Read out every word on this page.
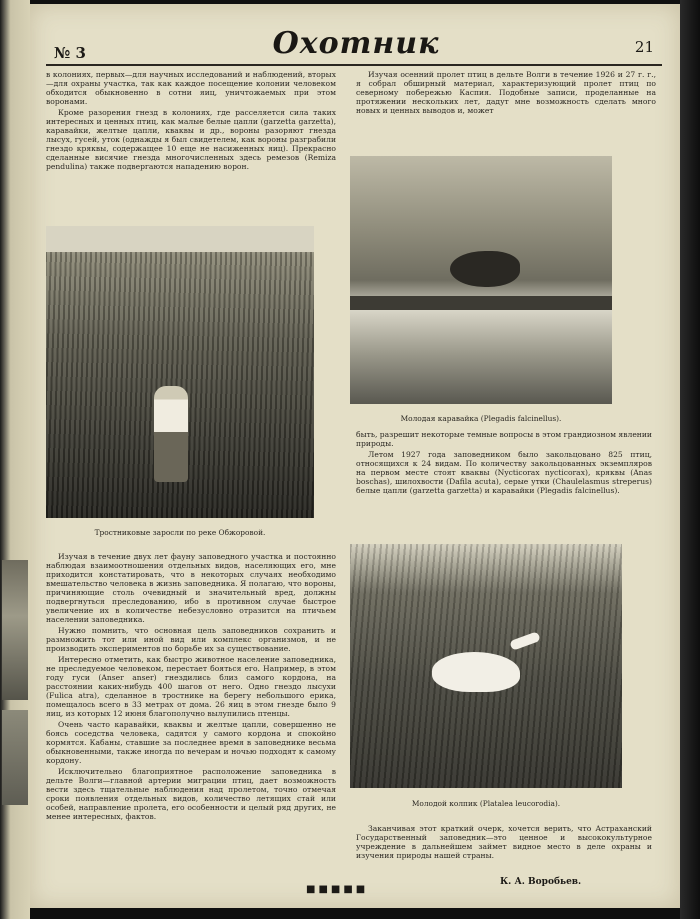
№ 3	Охотник	21

в колониях, первых—для научных исследований и наблюдений, вторых—для охраны участка, так как каждое посещение колонии человеком обходится обыкновенно в сотни яиц, уничтожаемых при этом воронами.

Кроме разорения гнезд в колониях, где расселяется сила таких интересных и ценных птиц, как малые белые цапли (garzetta garzetta), каравайки, желтые цапли, кваквы и др., вороны разоряют гнезда лысух, гусей, уток (однажды я был свидетелем, как вороны разграбили гнездо кряквы, содержащее 10 еще не насиженных яиц). Прекрасно сделанные висячие гнезда многочисленных здесь ремезов (Remiza pendulina) также подвергаются нападению ворон.

Изучая осенний пролет птиц в дельте Волги в течение 1926 и 27 г. г., я собрал обширный материал, характеризующий пролет птиц по северному побережью Каспия. Подобные записи, проделанные на протяжении нескольких лет, дадут мне возможность сделать много новых и ценных выводов и, может

Тростниковые заросли по реке Обжоровой.
Молодая каравайка (Plegadis falcinellus).

быть, разрешит некоторые темные вопросы в этом грандиозном явлении природы.

Летом 1927 года заповедником было закольцовано 825 птиц, относящихся к 24 видам. По количеству закольцованных экземпляров на первом месте стоят кваквы (Nycticorax nycticorax), кряквы (Anas boschas), шилохвости (Dafila acuta), серые утки (Chaulelasmus streperus) белые цапли (garzetta garzetta) и каравайки (Plegadis falcinellus).

Изучая в течение двух лет фауну заповедного участка и постоянно наблюдая взаимоотношения отдельных видов, населяющих его, мне приходится констатировать, что в некоторых случаях необходимо вмешательство человека в жизнь заповедника. Я полагаю, что вороны, причиняющие столь очевидный и значительный вред, должны подвергнуться преследованию, ибо в противном случае быстрое увеличение их в количестве небезусловно отразится на птичьем населении заповедника.

Нужно помнить, что основная цель заповедников сохранить и размножить тот или иной вид или комплекс организмов, и не производить экспериментов по борьбе их за существование.

Интересно отметить, как быстро животное население заповедника, не преследуемое человеком, перестает бояться его. Например, в этом году гуси (Anser anser) гнездились близ самого кордона, на расстоянии каких-нибудь 400 шагов от него. Одно гнездо лысухи (Fulica atra), сделанное в тростнике на берегу небольшого ерика, помещалось всего в 33 метрах от дома. 26 яиц в этом гнезде было 9 яиц, из которых 12 июня благополучно вылупились птенцы.

Очень часто каравайки, кваквы и желтые цапли, совершенно не боясь соседства человека, садятся у самого кордона и спокойно кормятся. Кабаны, ставшие за последнее время в заповеднике весьма обыкновенными, также иногда по вечерам и ночью подходят к самому кордону.

Исключительно благоприятное расположение заповедника в дельте Волги—главной артерии миграции птиц, дает возможность вести здесь тщательные наблюдения над пролетом, точно отмечая сроки появления отдельных видов, количество летящих стай или особей, направление пролета, его особенности и целый ряд других, не менее интересных, фактов.

Молодой колпик (Platalea leucorodia).

Заканчивая этот краткий очерк, хочется верить, что Астраханский Государственный заповедник—это ценное и высококультурное учреждение в дальнейшем займет видное место в деле охраны и изучения природы нашей страны.

■■■■■
К. А. Воробьев.
